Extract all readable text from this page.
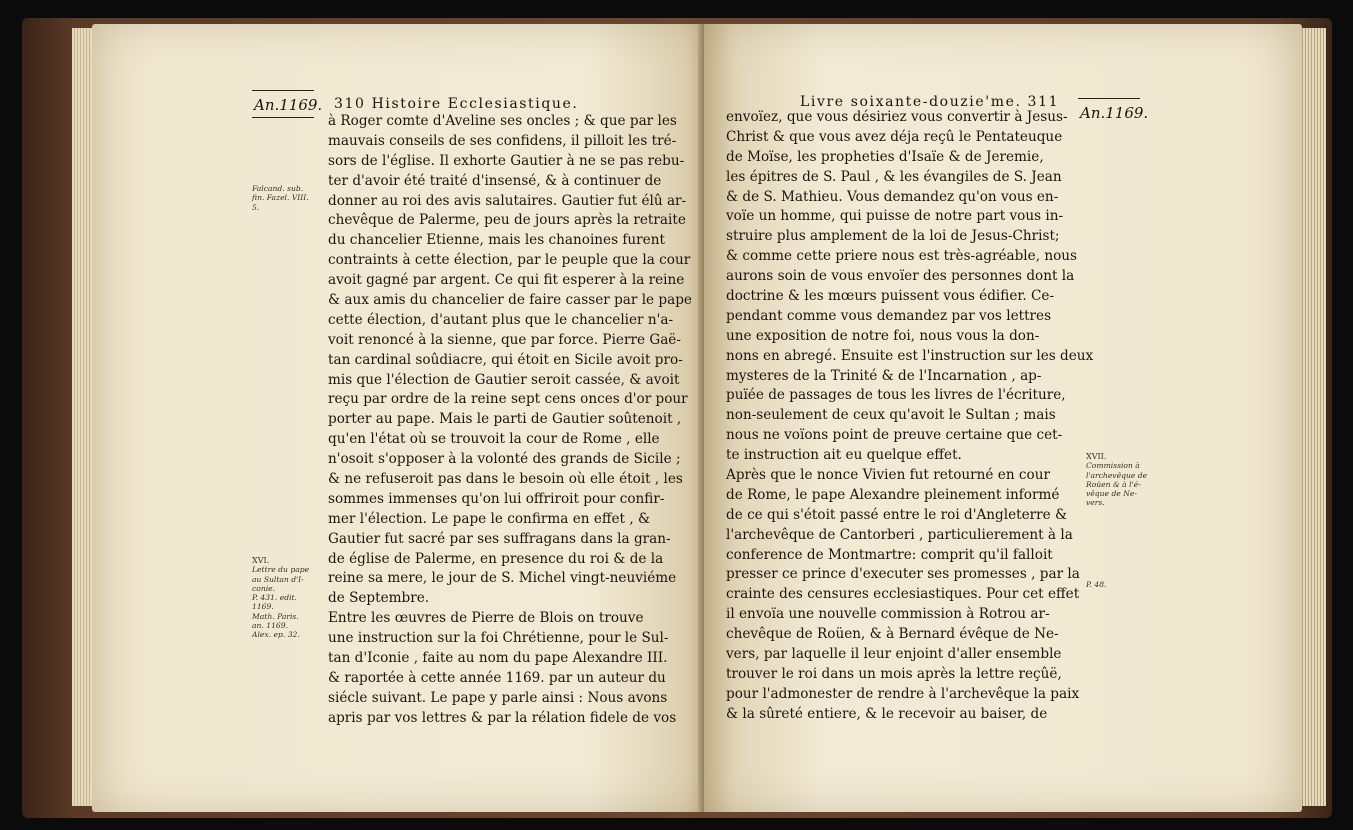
An.1169. 310 Histoire Ecclesiastique.
Falcand. sub.
fin. Fazel. VIII.
5.
XVI.
Lettre du pape
au Sultan d'I-
conie.
P. 431. edit.
1169.
Math. Paris.
an. 1169.
Alex. ep. 32.
à Roger comte d'Aveline ses oncles ; & que par les
mauvais conseils de ses confidens, il pilloit les tré-
sors de l'église. Il exhorte Gautier à ne se pas rebu-
ter d'avoir été traité d'insensé, & à continuer de
donner au roi des avis salutaires. Gautier fut élû ar-
chevêque de Palerme, peu de jours après la retraite
du chancelier Etienne, mais les chanoines furent
contraints à cette élection, par le peuple que la cour
avoit gagné par argent. Ce qui fit esperer à la reine
& aux amis du chancelier de faire casser par le pape
cette élection, d'autant plus que le chancelier n'a-
voit renoncé à la sienne, que par force. Pierre Gaë-
tan cardinal soûdiacre, qui étoit en Sicile avoit pro-
mis que l'élection de Gautier seroit cassée, & avoit
reçu par ordre de la reine sept cens onces d'or pour
porter au pape. Mais le parti de Gautier soûtenoit ,
qu'en l'état où se trouvoit la cour de Rome , elle
n'osoit s'opposer à la volonté des grands de Sicile ;
& ne refuseroit pas dans le besoin où elle étoit , les
sommes immenses qu'on lui offriroit pour confir-
mer l'élection. Le pape le confirma en effet , &
Gautier fut sacré par ses suffragans dans la gran-
de église de Palerme, en presence du roi & de la
reine sa mere, le jour de S. Michel vingt-neuviéme
de Septembre.
Entre les œuvres de Pierre de Blois on trouve
une instruction sur la foi Chrétienne, pour le Sul-
tan d'Iconie , faite au nom du pape Alexandre III.
& raportée à cette année 1169. par un auteur du
siécle suivant. Le pape y parle ainsi : Nous avons
apris par vos lettres & par la rélation fidele de vos
Livre soixante-douzie'me. 311
An.1169.
envoïez, que vous désiriez vous convertir à Jesus-
Christ & que vous avez déja reçû le Pentateuque
de Moïse, les propheties d'Isaïe & de Jeremie,
les épitres de S. Paul , & les évangiles de S. Jean
& de S. Mathieu. Vous demandez qu'on vous en-
voïe un homme, qui puisse de notre part vous in-
struire plus amplement de la loi de Jesus-Christ;
& comme cette priere nous est très-agréable, nous
aurons soin de vous envoïer des personnes dont la
doctrine & les mœurs puissent vous édifier. Ce-
pendant comme vous demandez par vos lettres
une exposition de notre foi, nous vous la don-
nons en abregé. Ensuite est l'instruction sur les deux
mysteres de la Trinité & de l'Incarnation , ap-
puïée de passages de tous les livres de l'écriture,
non-seulement de ceux qu'avoit le Sultan ; mais
nous ne voïons point de preuve certaine que cet-
te instruction ait eu quelque effet.
Après que le nonce Vivien fut retourné en cour
de Rome, le pape Alexandre pleinement informé
de ce qui s'étoit passé entre le roi d'Angleterre &
l'archevêque de Cantorberi , particulierement à la
conference de Montmartre: comprit qu'il falloit
presser ce prince d'executer ses promesses , par la
crainte des censures ecclesiastiques. Pour cet effet
il envoïa une nouvelle commission à Rotrou ar-
chevêque de Roüen, & à Bernard évêque de Ne-
vers, par laquelle il leur enjoint d'aller ensemble
trouver le roi dans un mois après la lettre reçûë,
pour l'admonester de rendre à l'archevêque la paix
& la sûreté entiere, & le recevoir au baiser, de
XVII.
Commission à
l'archevêque de
Roüen & à l'é-
vêque de Ne-
vers.
P. 48.
